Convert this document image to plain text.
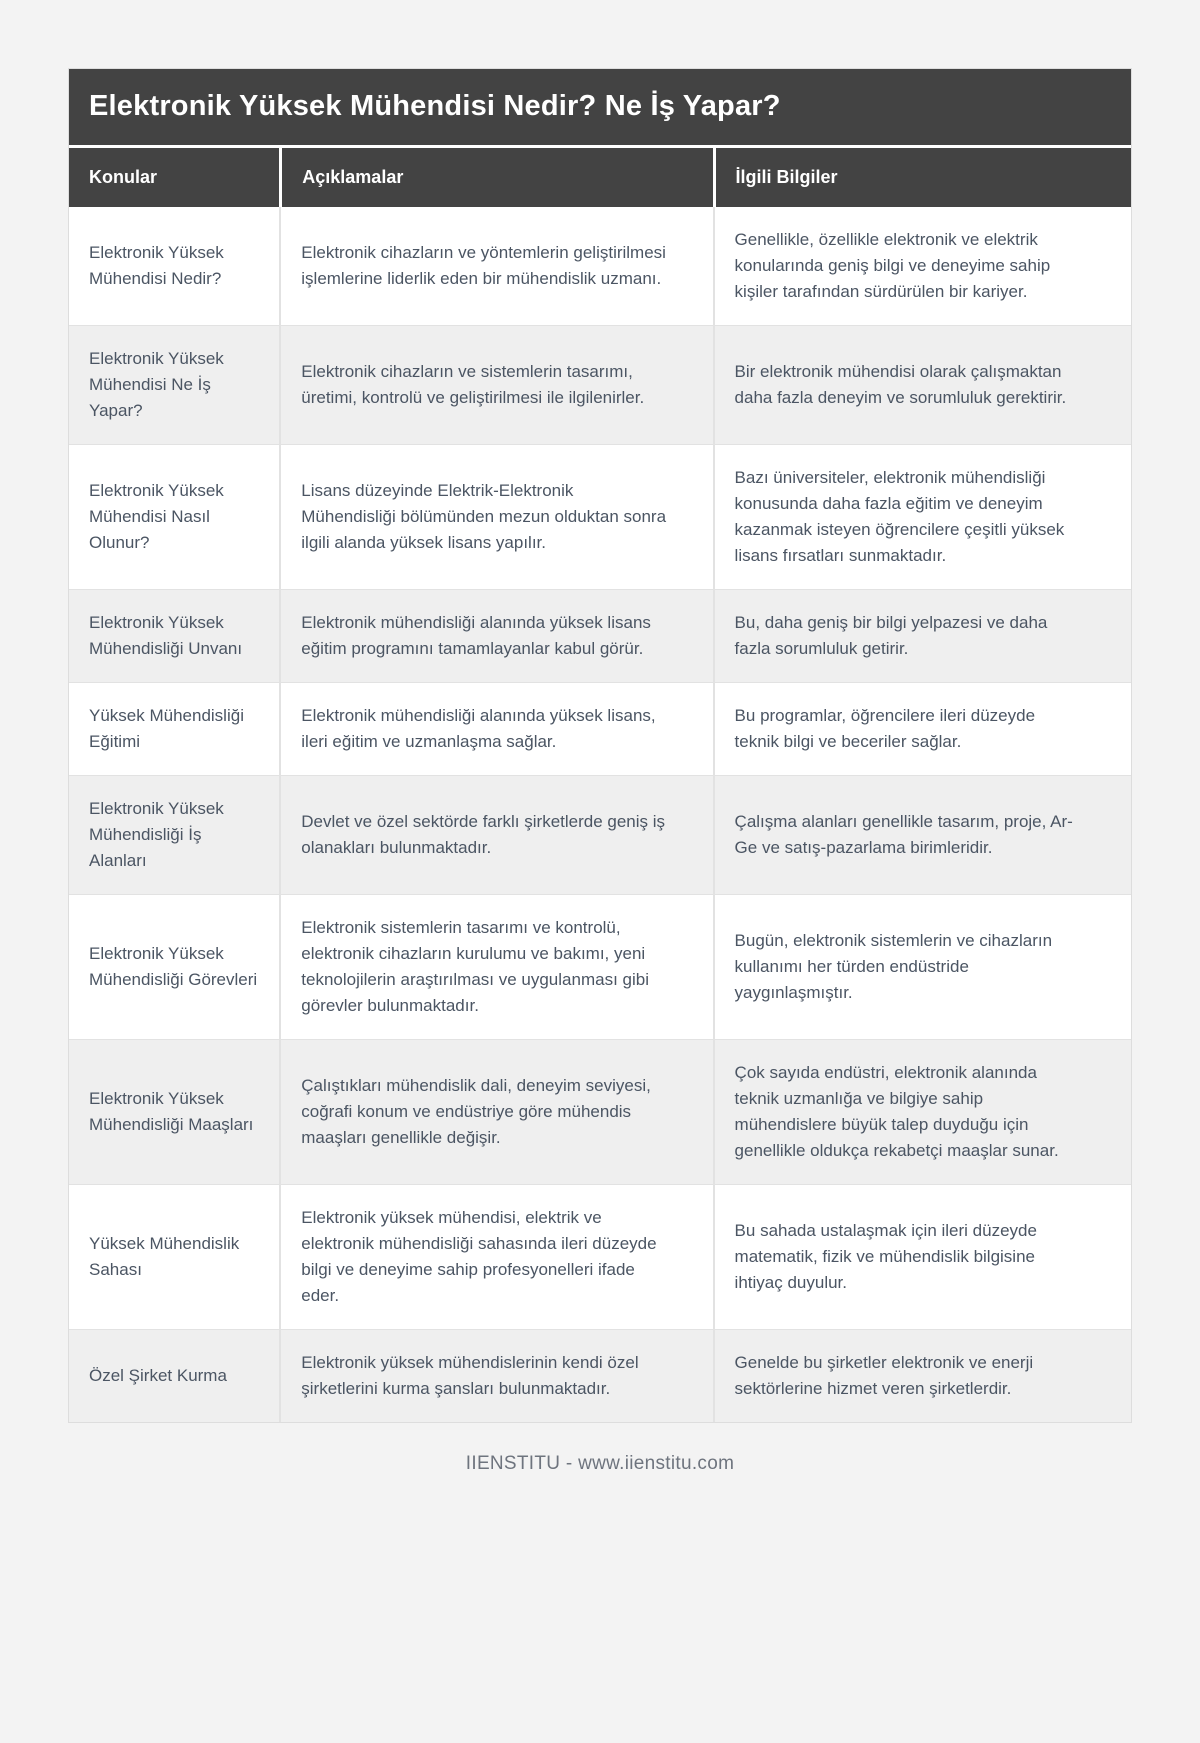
Elektronik Yüksek Mühendisi Nedir? Ne İş Yapar?
Konular	Açıklamalar	İlgili Bilgiler
Elektronik Yüksek Mühendisi Nedir?
Elektronik cihazların ve yöntemlerin geliştirilmesi işlemlerine liderlik eden bir mühendislik uzmanı.
Genellikle, özellikle elektronik ve elektrik konularında geniş bilgi ve deneyime sahip kişiler tarafından sürdürülen bir kariyer.
Elektronik Yüksek Mühendisi Ne İş Yapar?
Elektronik cihazların ve sistemlerin tasarımı, üretimi, kontrolü ve geliştirilmesi ile ilgilenirler.
Bir elektronik mühendisi olarak çalışmaktan daha fazla deneyim ve sorumluluk gerektirir.
Elektronik Yüksek Mühendisi Nasıl Olunur?
Lisans düzeyinde Elektrik-Elektronik Mühendisliği bölümünden mezun olduktan sonra ilgili alanda yüksek lisans yapılır.
Bazı üniversiteler, elektronik mühendisliği konusunda daha fazla eğitim ve deneyim kazanmak isteyen öğrencilere çeşitli yüksek lisans fırsatları sunmaktadır.
Elektronik Yüksek Mühendisliği Unvanı
Elektronik mühendisliği alanında yüksek lisans eğitim programını tamamlayanlar kabul görür.
Bu, daha geniş bir bilgi yelpazesi ve daha fazla sorumluluk getirir.
Yüksek Mühendisliği Eğitimi
Elektronik mühendisliği alanında yüksek lisans, ileri eğitim ve uzmanlaşma sağlar.
Bu programlar, öğrencilere ileri düzeyde teknik bilgi ve beceriler sağlar.
Elektronik Yüksek Mühendisliği İş Alanları
Devlet ve özel sektörde farklı şirketlerde geniş iş olanakları bulunmaktadır.
Çalışma alanları genellikle tasarım, proje, Ar-Ge ve satış-pazarlama birimleridir.
Elektronik Yüksek Mühendisliği Görevleri
Elektronik sistemlerin tasarımı ve kontrolü, elektronik cihazların kurulumu ve bakımı, yeni teknolojilerin araştırılması ve uygulanması gibi görevler bulunmaktadır.
Bugün, elektronik sistemlerin ve cihazların kullanımı her türden endüstride yaygınlaşmıştır.
Elektronik Yüksek Mühendisliği Maaşları
Çalıştıkları mühendislik dali, deneyim seviyesi, coğrafi konum ve endüstriye göre mühendis maaşları genellikle değişir.
Çok sayıda endüstri, elektronik alanında teknik uzmanlığa ve bilgiye sahip mühendislere büyük talep duyduğu için genellikle oldukça rekabetçi maaşlar sunar.
Yüksek Mühendislik Sahası
Elektronik yüksek mühendisi, elektrik ve elektronik mühendisliği sahasında ileri düzeyde bilgi ve deneyime sahip profesyonelleri ifade eder.
Bu sahada ustalaşmak için ileri düzeyde matematik, fizik ve mühendislik bilgisine ihtiyaç duyulur.
Özel Şirket Kurma
Elektronik yüksek mühendislerinin kendi özel şirketlerini kurma şansları bulunmaktadır.
Genelde bu şirketler elektronik ve enerji sektörlerine hizmet veren şirketlerdir.
IIENSTITU - www.iienstitu.com
